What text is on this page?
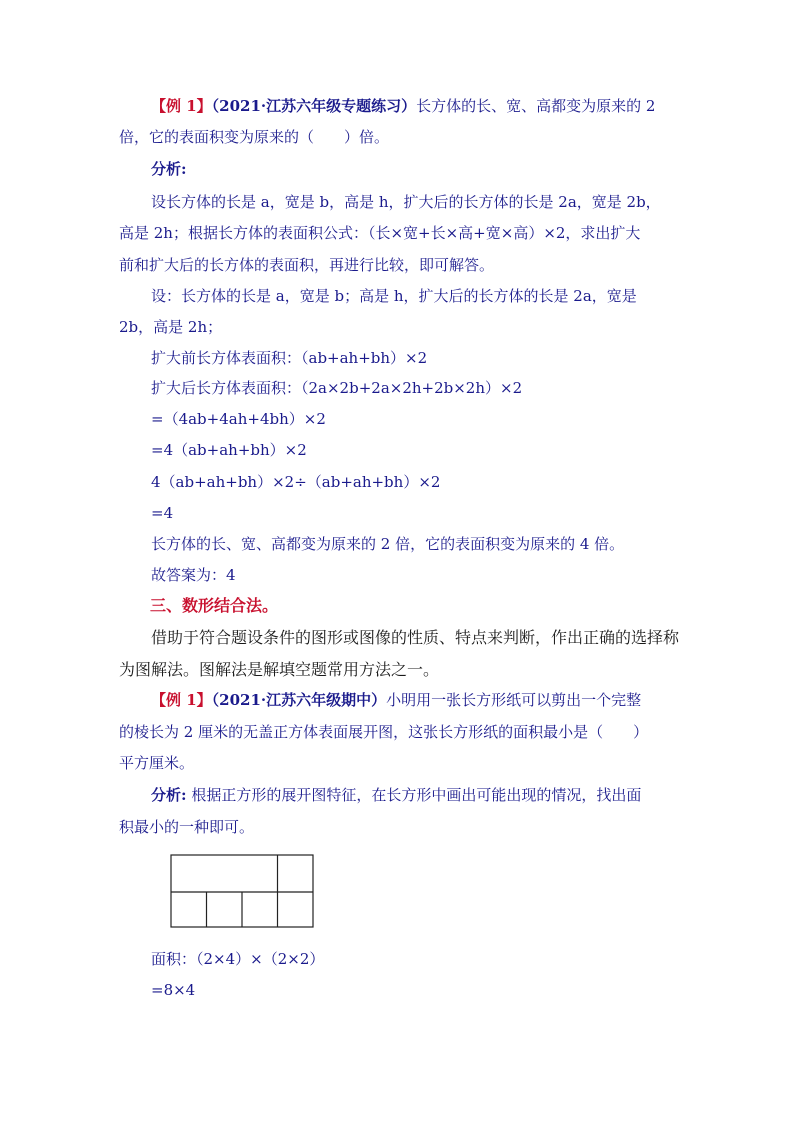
【例 1】（2021·江苏六年级专题练习）长方体的长、宽、高都变为原来的 2
倍，它的表面积变为原来的（　　）倍。
分析:
设长方体的长是 a，宽是 b，高是 h，扩大后的长方体的长是 2a，宽是 2b，
高是 2h；根据长方体的表面积公式：（长×宽+长×高+宽×高）×2，求出扩大
前和扩大后的长方体的表面积，再进行比较，即可解答。
设：长方体的长是 a，宽是 b；高是 h，扩大后的长方体的长是 2a，宽是
2b，高是 2h；
扩大前长方体表面积：（ab+ah+bh）×2
扩大后长方体表面积：（2a×2b+2a×2h+2b×2h）×2
=（4ab+4ah+4bh）×2
=4（ab+ah+bh）×2
4（ab+ah+bh）×2÷（ab+ah+bh）×2
=4
长方体的长、宽、高都变为原来的 2 倍，它的表面积变为原来的 4 倍。
故答案为：4
三、数形结合法。
借助于符合题设条件的图形或图像的性质、特点来判断，作出正确的选择称
为图解法。图解法是解填空题常用方法之一。
【例 1】（2021·江苏六年级期中）小明用一张长方形纸可以剪出一个完整
的棱长为 2 厘米的无盖正方体表面展开图，这张长方形纸的面积最小是（　　）
平方厘米。
分析: 根据正方形的展开图特征，在长方形中画出可能出现的情况，找出面
积最小的一种即可。
面积：（2×4）×（2×2）
=8×4
